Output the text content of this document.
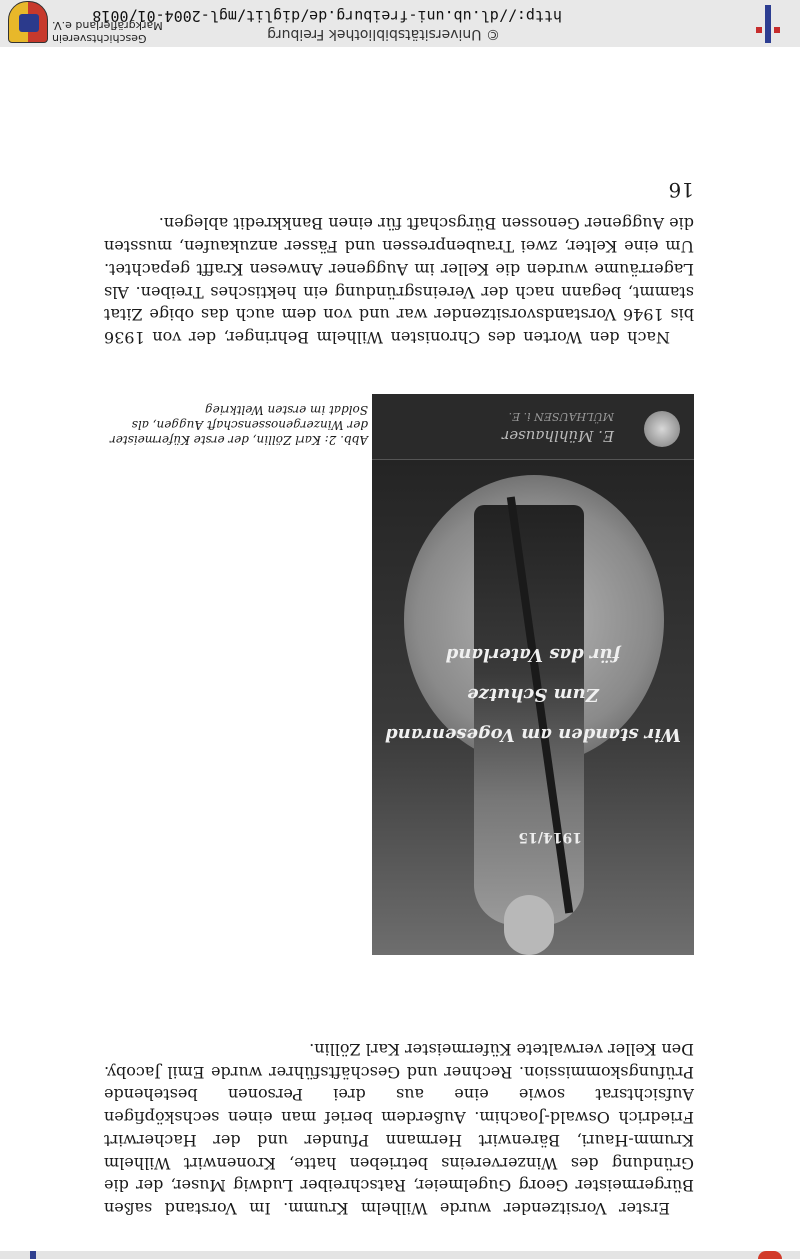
Erster Vorsitzender wurde Wilhelm Krumm. Im Vorstand saßen Bürgermeister Georg Gugelmeier, Ratschreiber Ludwig Muser, der die Gründung des Winzervereins betrieben hatte, Kronenwirt Wilhelm Krumm-Hauri, Bärenwirt Hermann Pfunder und der Hacherwirt Friedrich Oswald-Joachim. Außerdem berief man einen sechsköpfigen Aufsichtsrat sowie eine aus drei Personen bestehende Prüfungskommission. Rechner und Geschäftsführer wurde Emil Jacoby. Den Keller verwaltete Küfermeister Karl Zöllin.

1914/15
Wir standen am Vogesenrand
Zum Schutze
für das Vaterland
E. Mühlhauser
MÜLHAUSEN i. E.
Abb. 2: Karl Zöllin, der erste Küfermeister der Winzergenossenschaft Auggen, als Soldat im ersten Weltkrieg

Nach den Worten des Chronisten Wilhelm Behringer, der von 1936 bis 1946 Vorstandsvorsitzender war und von dem auch das obige Zitat stammt, begann nach der Vereinsgründung ein hektisches Treiben. Als Lagerräume wurden die Keller im Auggener Anwesen Krafft gepachtet. Um eine Kelter, zwei Traubenpressen und Fässer anzukaufen, mussten die Auggener Genossen Bürgschaft für einen Bankkredit ablegen.

16
© Universitätsbibliothek Freiburg
http://dl.ub.uni-freiburg.de/diglit/mgl-2004-01/0018
Geschichtsverein
Markgräflerland e.V.
